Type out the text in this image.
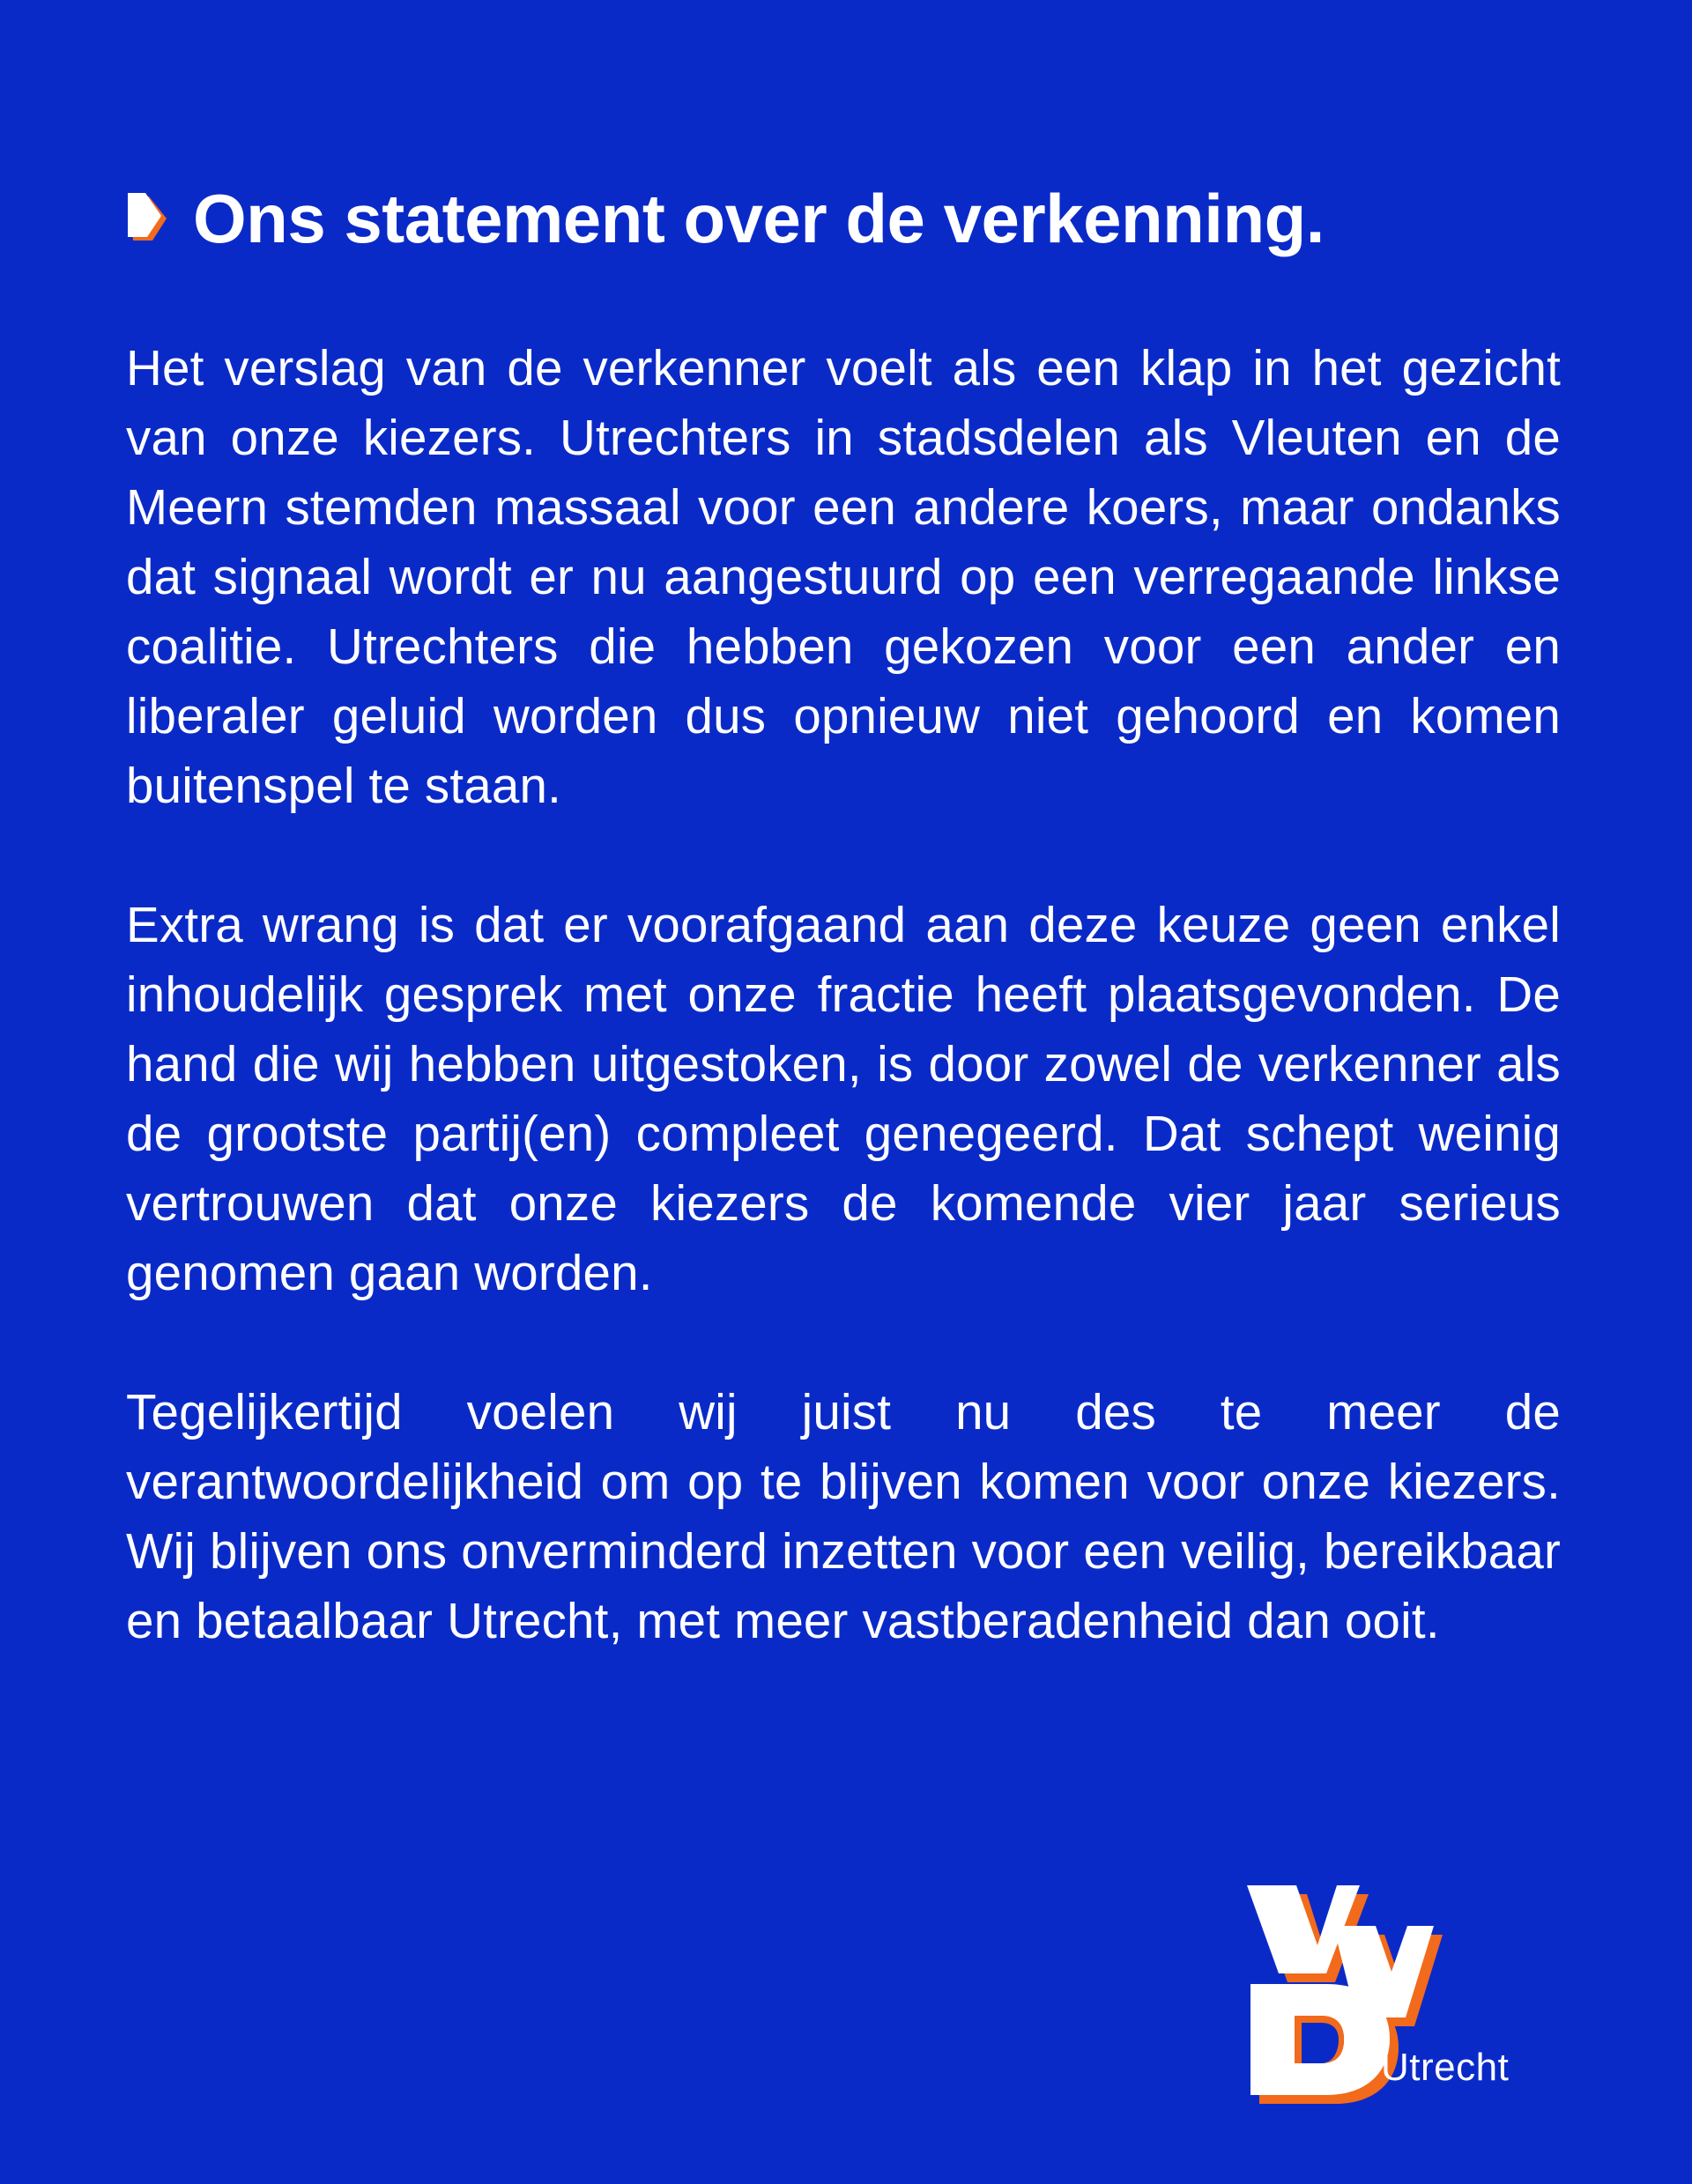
Ons statement over de verkenning.

Het verslag van de verkenner voelt als een klap in het gezicht van onze kiezers. Utrechters in stadsdelen als Vleuten en de Meern stemden massaal voor een andere koers, maar ondanks dat signaal wordt er nu aangestuurd op een verregaande linkse coalitie. Utrechters die hebben gekozen voor een ander en liberaler geluid worden dus opnieuw niet gehoord en komen buitenspel te staan.

Extra wrang is dat er voorafgaand aan deze keuze geen enkel inhoudelijk gesprek met onze fractie heeft plaatsgevonden. De hand die wij hebben uitgestoken, is door zowel de verkenner als de grootste partij(en) compleet genegeerd. Dat schept weinig vertrouwen dat onze kiezers de komende vier jaar serieus genomen gaan worden.

Tegelijkertijd voelen wij juist nu des te meer de verantwoordelijkheid om op te blijven komen voor onze kiezers. Wij blijven ons onverminderd inzetten voor een veilig, bereikbaar en betaalbaar Utrecht, met meer vastberadenheid dan ooit.

Utrecht
